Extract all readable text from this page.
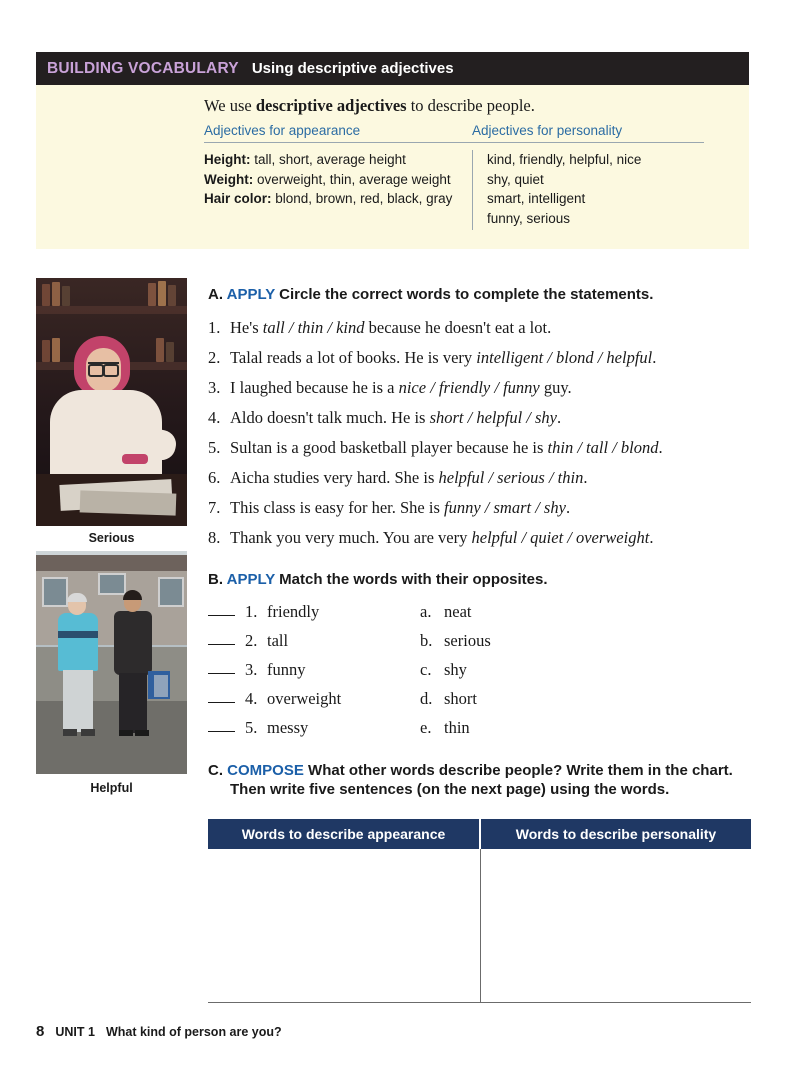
BUILDING VOCABULARY Using descriptive adjectives
We use descriptive adjectives to describe people.
Adjectives for appearance	Adjectives for personality
Height: tall, short, average height
Weight: overweight, thin, average weight
Hair color: blond, brown, red, black, gray
kind, friendly, helpful, nice
shy, quiet
smart, intelligent
funny, serious
Serious
Helpful
A. APPLY Circle the correct words to complete the statements.
1. He's tall / thin / kind because he doesn't eat a lot.
2. Talal reads a lot of books. He is very intelligent / blond / helpful.
3. I laughed because he is a nice / friendly / funny guy.
4. Aldo doesn't talk much. He is short / helpful / shy.
5. Sultan is a good basketball player because he is thin / tall / blond.
6. Aicha studies very hard. She is helpful / serious / thin.
7. This class is easy for her. She is funny / smart / shy.
8. Thank you very much. You are very helpful / quiet / overweight.
B. APPLY Match the words with their opposites.
1. friendly
2. tall
3. funny
4. overweight
5. messy
a. neat
b. serious
c. shy
d. short
e. thin
C. COMPOSE What other words describe people? Write them in the chart.
Then write five sentences (on the next page) using the words.
Words to describe appearance	Words to describe personality
8 UNIT 1 What kind of person are you?
